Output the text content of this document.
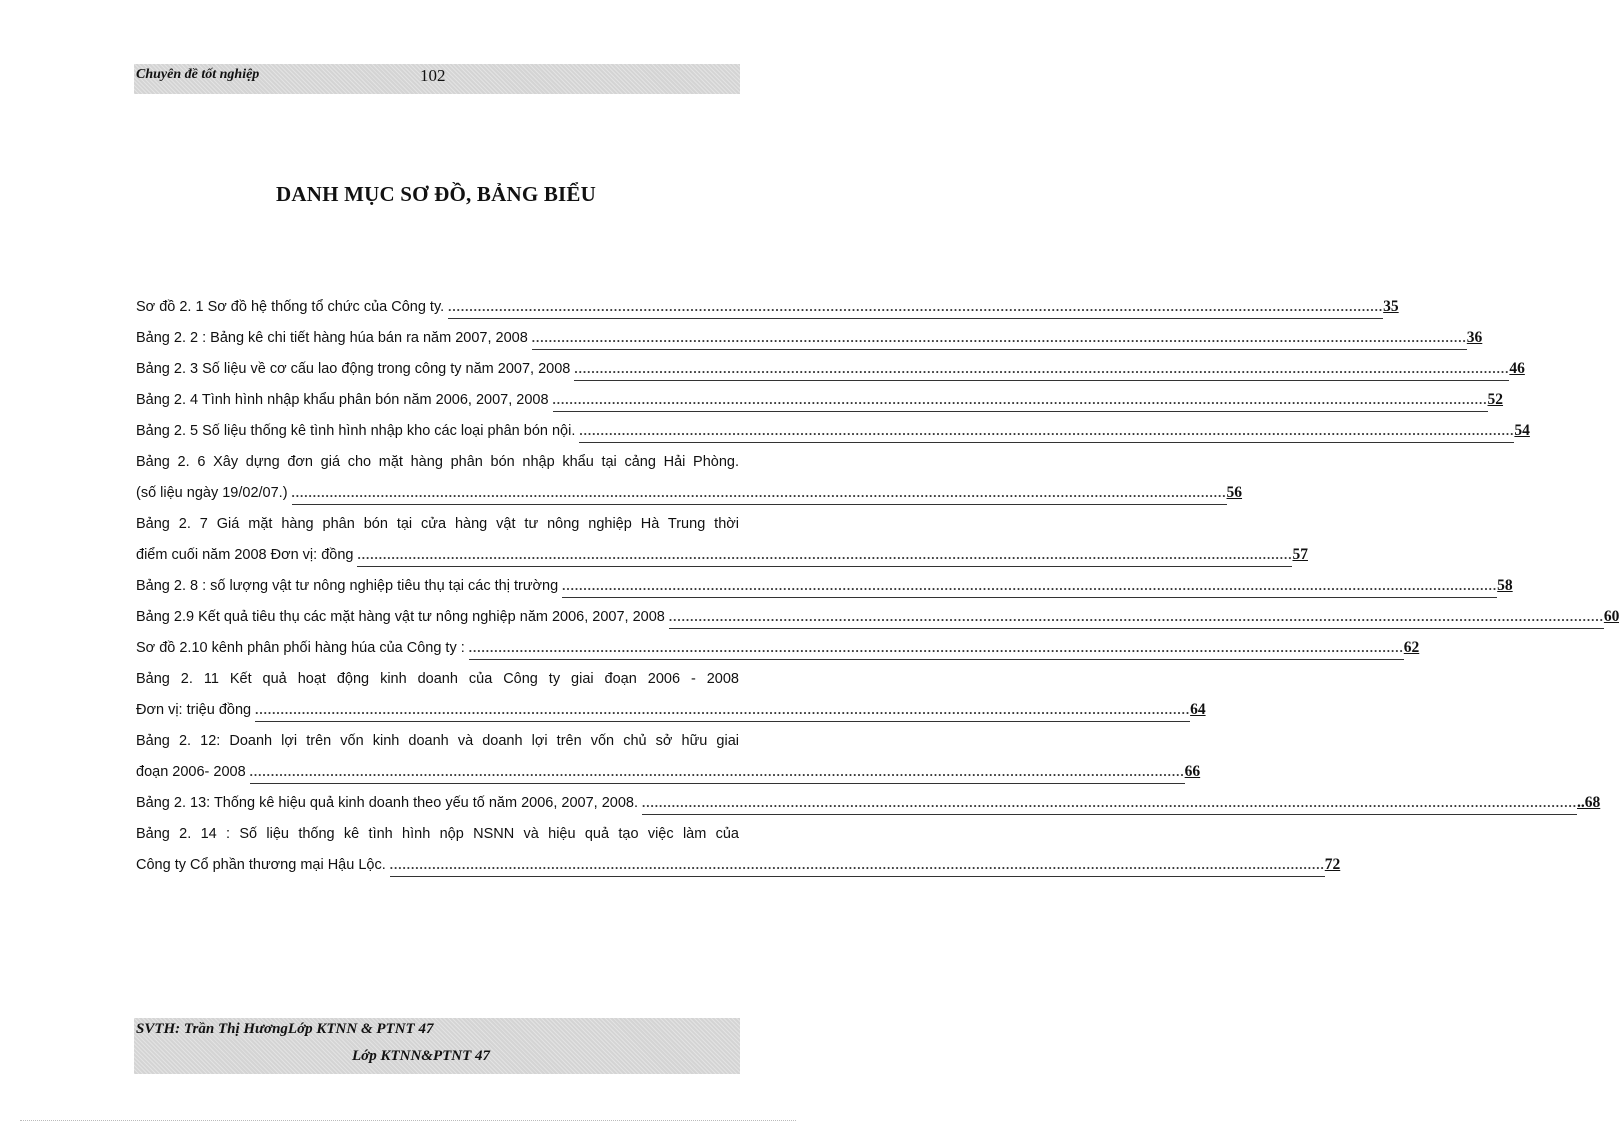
Chuyên đề tốt nghiệp	102
DANH MỤC SƠ ĐỒ, BẢNG BIỂU
Sơ đồ 2. 1 Sơ đồ hệ thống tổ chức của Công ty. ............................................................................................................................................................................................................................ 35
Bảng 2. 2 : Bảng kê chi tiết hàng húa bán ra năm 2007, 2008 ............................................................................................................................................................................................................................ 36
Bảng 2. 3 Số liệu về cơ cấu lao động trong công ty năm 2007, 2008 ............................................................................................................................................................................................................................ 46
Bảng 2. 4 Tình hình nhập khẩu phân bón năm 2006, 2007, 2008 ............................................................................................................................................................................................................................ 52
Bảng 2. 5 Số liệu thống kê tình hình nhập kho các loại phân bón nội. ............................................................................................................................................................................................................................ 54
Bảng 2. 6 Xây dựng đơn giá cho mặt hàng phân bón nhập khẩu tại cảng Hải Phòng.
(số liệu ngày 19/02/07.) ............................................................................................................................................................................................................................ 56
Bảng 2. 7 Giá mặt hàng phân bón tại cửa hàng vật tư nông nghiệp Hà Trung thời
điểm cuối năm 2008 Đơn vị: đồng ............................................................................................................................................................................................................................ 57
Bảng 2. 8 : số lượng vật tư nông nghiệp tiêu thụ tại các thị trường ............................................................................................................................................................................................................................ 58
Bảng 2.9 Kết quả tiêu thụ các mặt hàng vật tư nông nghiệp năm 2006, 2007, 2008 ............................................................................................................................................................................................................................ 60
Sơ đồ 2.10 kênh phân phối hàng húa của Công ty : ............................................................................................................................................................................................................................ 62
Bảng 2. 11 Kết quả hoạt động kinh doanh của Công ty giai đoạn 2006 - 2008
Đơn vị: triệu đồng ............................................................................................................................................................................................................................ 64
Bảng 2. 12: Doanh lợi trên vốn kinh doanh và doanh lợi trên vốn chủ sở hữu giai
đoạn 2006- 2008 ............................................................................................................................................................................................................................ 66
Bảng 2. 13: Thống kê hiệu quả kinh doanh theo yếu tố năm 2006, 2007, 2008. ............................................................................................................................................................................................................................ ..68
Bảng 2. 14 : Số liệu thống kê tình hình nộp NSNN và hiệu quả tạo việc làm của
Công ty Cổ phần thương mại Hậu Lộc. ............................................................................................................................................................................................................................ 72
SVTH: Trần Thị HươngLớp KTNN & PTNT 47
Lớp KTNN&PTNT 47
